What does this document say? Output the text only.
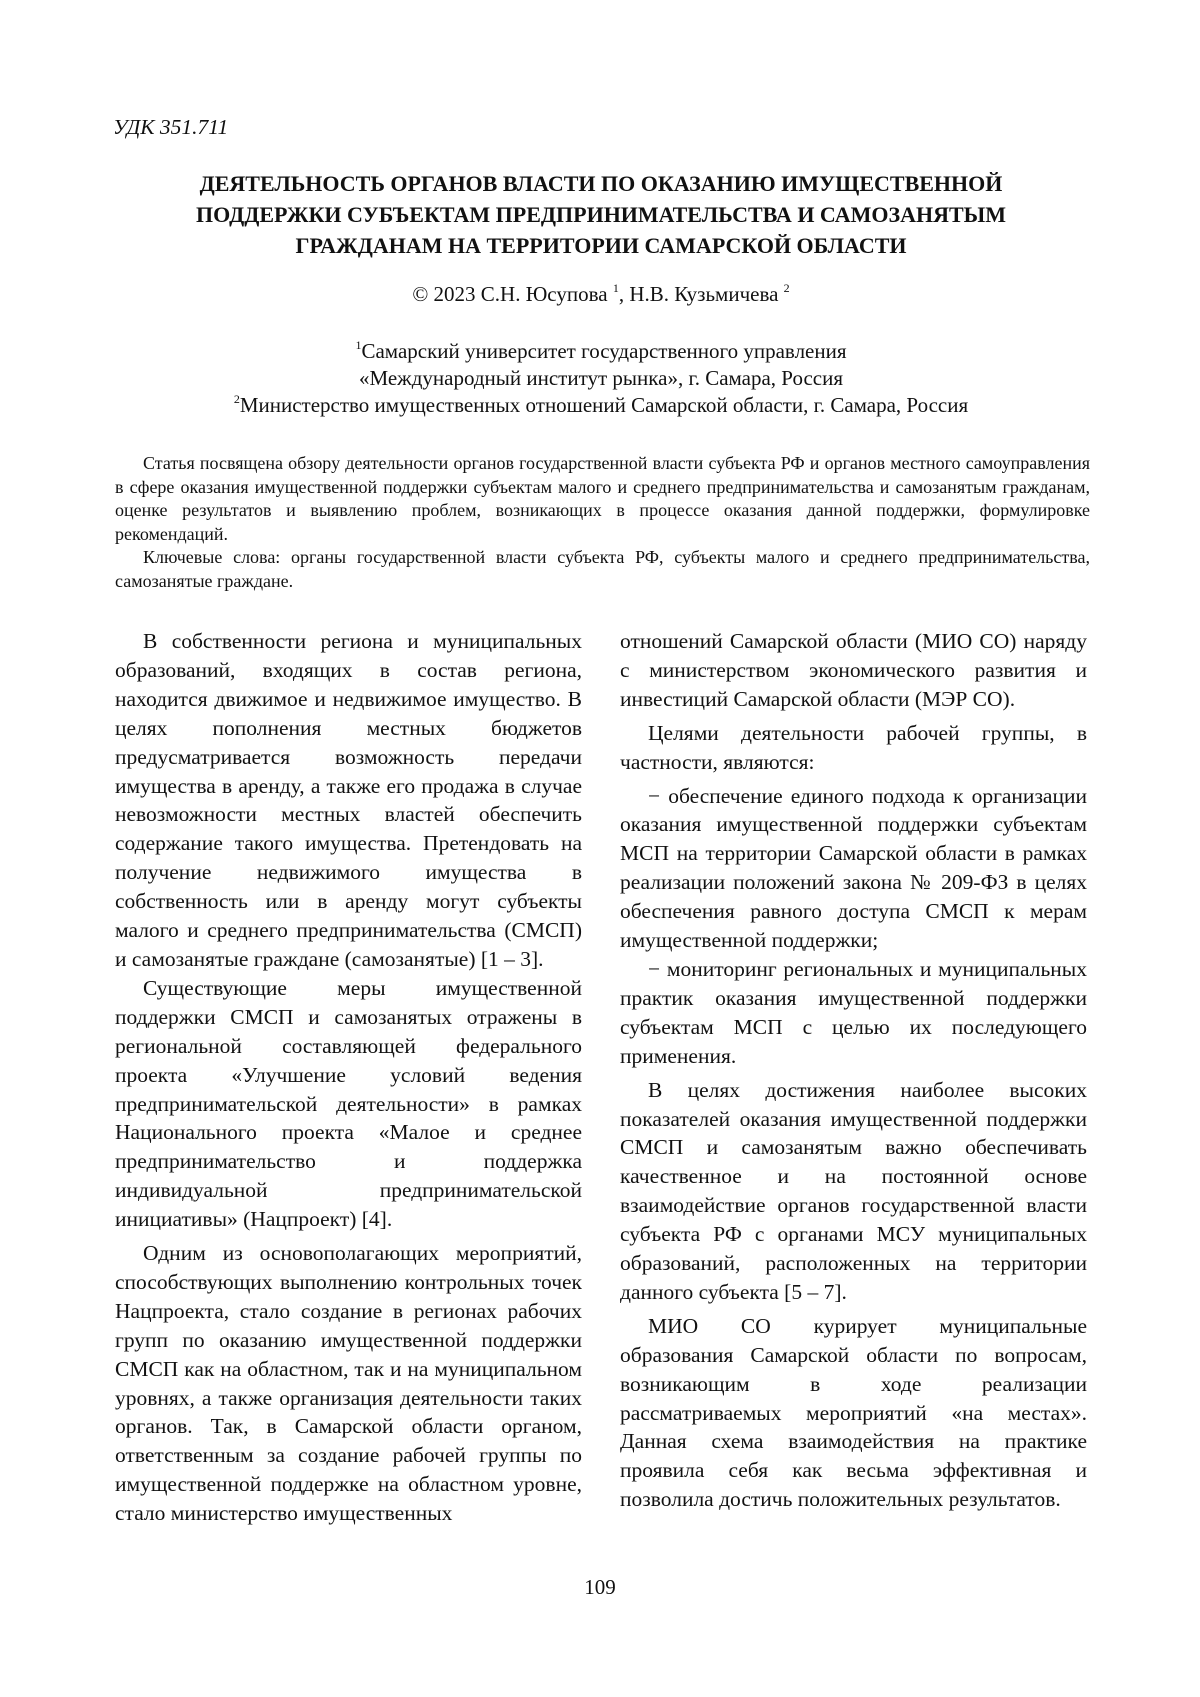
УДК 351.711
ДЕЯТЕЛЬНОСТЬ ОРГАНОВ ВЛАСТИ ПО ОКАЗАНИЮ ИМУЩЕСТВЕННОЙ
ПОДДЕРЖКИ СУБЪЕКТАМ ПРЕДПРИНИМАТЕЛЬСТВА И САМОЗАНЯТЫМ
ГРАЖДАНАМ НА ТЕРРИТОРИИ САМАРСКОЙ ОБЛАСТИ
© 2023 С.Н. Юсупова $^1$, Н.В. Кузьмичева $^2$
$^1$Самарский университет государственного управления
«Международный институт рынка», г. Самара, Россия
$^2$Министерство имущественных отношений Самарской области, г. Самара, Россия

Статья посвящена обзору деятельности органов государственной власти субъекта РФ и органов местного самоуправления в сфере оказания имущественной поддержки субъектам малого и среднего предпринимательства и самозанятым гражданам, оценке результатов и выявлению проблем, возникающих в процессе оказания данной поддержки, формулировке рекомендаций.

Ключевые слова: органы государственной власти субъекта РФ, субъекты малого и среднего предпринимательства, самозанятые граждане.

В собственности региона и муниципальных образований, входящих в состав региона, находится движимое и недвижимое имущество. В целях пополнения местных бюджетов предусматривается возможность передачи имущества в аренду, а также его продажа в случае невозможности местных властей обеспечить содержание такого имущества. Претендовать на получение недвижимого имущества в собственность или в аренду могут субъекты малого и среднего предпринимательства (СМСП) и самозанятые граждане (самозанятые) [1 – 3].

Существующие меры имущественной поддержки СМСП и самозанятых отражены в региональной составляющей федерального проекта «Улучшение условий ведения предпринимательской деятельности» в рамках Национального проекта «Малое и среднее предпринимательство и поддержка индивидуальной предпринимательской инициативы» (Нацпроект) [4].

Одним из основополагающих мероприятий, способствующих выполнению контрольных точек Нацпроекта, стало создание в регионах рабочих групп по оказанию имущественной поддержки СМСП как на областном, так и на муниципальном уровнях, а также организация деятельности таких органов. Так, в Самарской области органом, ответственным за создание рабочей группы по имущественной поддержке на областном уровне, стало министерство имущественных

отношений Самарской области (МИО СО) наряду с министерством экономического развития и инвестиций Самарской области (МЭР СО).

Целями деятельности рабочей группы, в частности, являются:

− обеспечение единого подхода к организации оказания имущественной поддержки субъектам МСП на территории Самарской области в рамках реализации положений закона № 209-ФЗ в целях обеспечения равного доступа СМСП к мерам имущественной поддержки;

− мониторинг региональных и муниципальных практик оказания имущественной поддержки субъектам МСП с целью их последующего применения.

В целях достижения наиболее высоких показателей оказания имущественной поддержки СМСП и самозанятым важно обеспечивать качественное и на постоянной основе взаимодействие органов государственной власти субъекта РФ с органами МСУ муниципальных образований, расположенных на территории данного субъекта [5 – 7].

МИО СО курирует муниципальные образования Самарской области по вопросам, возникающим в ходе реализации рассматриваемых мероприятий «на местах». Данная схема взаимодействия на практике проявила себя как весьма эффективная и позволила достичь положительных результатов.

109
